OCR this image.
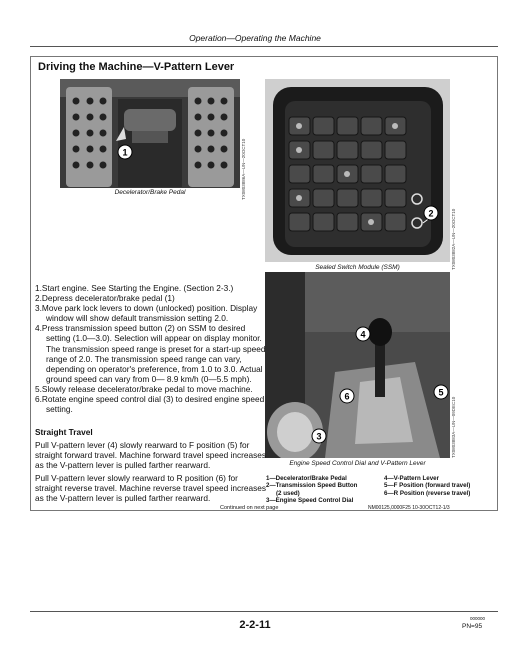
Operation—Operating the Machine
Driving the Machine—V-Pattern Lever
1	TX0803886A—UN—20OCT10
Decelerator/Brake Pedal
2	TX0803882A—UN—20OCT10
Sealed Switch Module (SSM)
4
6	5
3	TX0803883A—UN—09DEC10
Engine Speed Control Dial and V-Pattern Lever
1.Start engine. See Starting the Engine. (Section 2-3.)
2.Depress decelerator/brake pedal (1)
3.Move park lock levers to down (unlocked) position. Display window will show default transmission setting 2.0.
4.Press transmission speed button (2) on SSM to desired setting (1.0—3.0). Selection will appear on display monitor. The transmission speed range is preset for a start-up speed range of 2.0. The transmission speed range can vary, depending on operator's preference, from 1.0 to 3.0. Actual ground speed can vary from 0— 8.9 km/h (0—5.5 mph).
5.Slowly release decelerator/brake pedal to move machine.
6.Rotate engine speed control dial (3) to desired engine speed setting.
Straight Travel
Pull V-pattern lever (4) slowly rearward to F position (5) for straight forward travel. Machine forward travel speed increases as the V-pattern lever is pulled farther rearward.
Pull V-pattern lever slowly rearward to R position (6) for straight reverse travel. Machine reverse travel speed increases as the V-pattern lever is pulled farther rearward.
1—Decelerator/Brake Pedal	4—V-Pattern Lever
2—Transmission Speed Button	5—F Position (forward travel)
(2 used)	6—R Position (reverse travel)
3—Engine Speed Control Dial
Continued on next page	NM00125,0000F25 10-30OCT12-1/3
2-2-11
000000
PN=95
